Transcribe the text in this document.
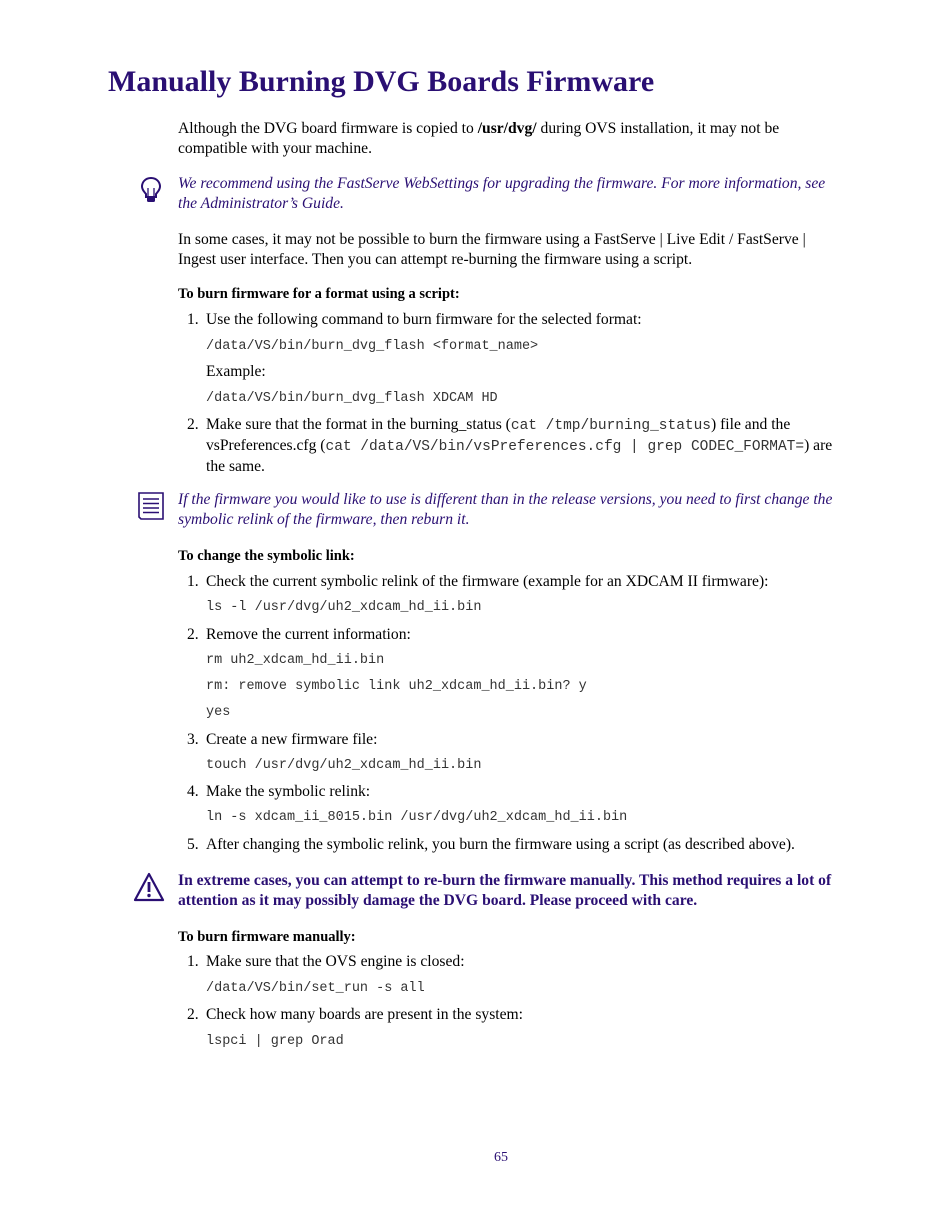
Manually Burning DVG Boards Firmware

Although the DVG board firmware is copied to /usr/dvg/ during OVS installation, it may not be compatible with your machine.

We recommend using the FastServe WebSettings for upgrading the firmware. For more information, see the Administrator’s Guide.

In some cases, it may not be possible to burn the firmware using a FastServe | Live Edit / FastServe | Ingest user interface. Then you can attempt re-burning the firmware using a script.

To burn firmware for a format using a script:

1. Use the following command to burn firmware for the selected format:

/data/VS/bin/burn_dvg_flash <format_name>

Example:

/data/VS/bin/burn_dvg_flash XDCAM HD

2. Make sure that the format in the burning_status (cat /tmp/burning_status) file and the vsPreferences.cfg (cat /data/VS/bin/vsPreferences.cfg | grep CODEC_FORMAT=) are the same.

If the firmware you would like to use is different than in the release versions, you need to first change the symbolic relink of the firmware, then reburn it.

To change the symbolic link:

1. Check the current symbolic relink of the firmware (example for an XDCAM II firmware):

ls -l /usr/dvg/uh2_xdcam_hd_ii.bin

2. Remove the current information:

rm uh2_xdcam_hd_ii.bin

rm: remove symbolic link uh2_xdcam_hd_ii.bin? y

yes

3. Create a new firmware file:

touch /usr/dvg/uh2_xdcam_hd_ii.bin

4. Make the symbolic relink:

ln -s xdcam_ii_8015.bin /usr/dvg/uh2_xdcam_hd_ii.bin

5. After changing the symbolic relink, you burn the firmware using a script (as described above).

In extreme cases, you can attempt to re-burn the firmware manually. This method requires a lot of attention as it may possibly damage the DVG board. Please proceed with care.

To burn firmware manually:

1. Make sure that the OVS engine is closed:

/data/VS/bin/set_run -s all

2. Check how many boards are present in the system:

lspci | grep Orad

65
